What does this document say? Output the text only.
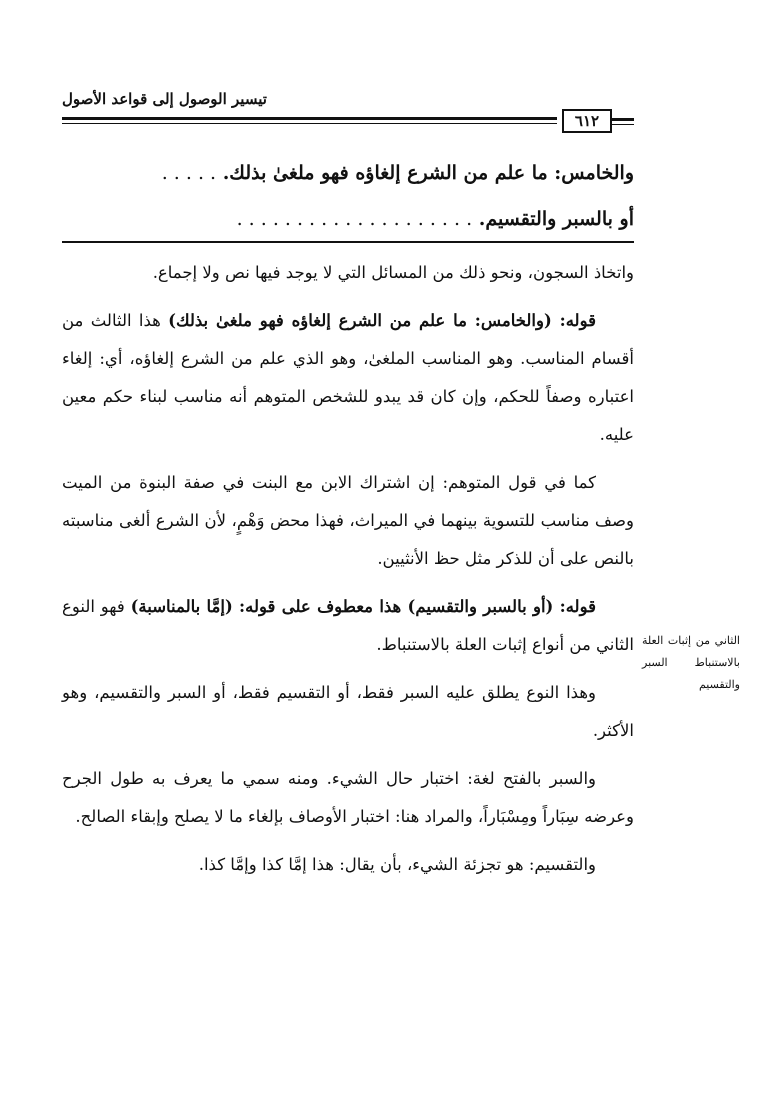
تيسير الوصول إلى قواعد الأصول
٦١٢
والخامس: ما علم من الشرع إلغاؤه فهو ملغىٰ بذلك. . . . . .
أو بالسبر والتقسيم. . . . . . . . . . . . . . . . . . . . .

واتخاذ السجون، ونحو ذلك من المسائل التي لا يوجد فيها نص ولا إجماع.

قوله: (والخامس: ما علم من الشرع إلغاؤه فهو ملغىٰ بذلك) هذا الثالث من أقسام المناسب. وهو المناسب الملغىٰ، وهو الذي علم من الشرع إلغاؤه، أي: إلغاء اعتباره وصفاً للحكم، وإن كان قد يبدو للشخص المتوهم أنه مناسب لبناء حكم معين عليه.

كما في قول المتوهم: إن اشتراك الابن مع البنت في صفة البنوة من الميت وصف مناسب للتسوية بينهما في الميراث، فهذا محض وَهْمٍ، لأن الشرع ألغى مناسبته بالنص على أن للذكر مثل حظ الأنثيين.

قوله: (أو بالسبر والتقسيم) هذا معطوف على قوله: (إمَّا بالمناسبة) فهو النوع الثاني من أنواع إثبات العلة بالاستنباط.

وهذا النوع يطلق عليه السبر فقط، أو التقسيم فقط، أو السبر والتقسيم، وهو الأكثر.

والسبر بالفتح لغة: اختبار حال الشيء. ومنه سمي ما يعرف به طول الجرح وعرضه سِبَاراً ومِسْبَاراً، والمراد هنا: اختبار الأوصاف بإلغاء ما لا يصلح وإبقاء الصالح.

والتقسيم: هو تجزئة الشيء، بأن يقال: هذا إمَّا كذا وإمَّا كذا.

الثاني من إثبات العلة بالاستنباط السبر والتقسيم
